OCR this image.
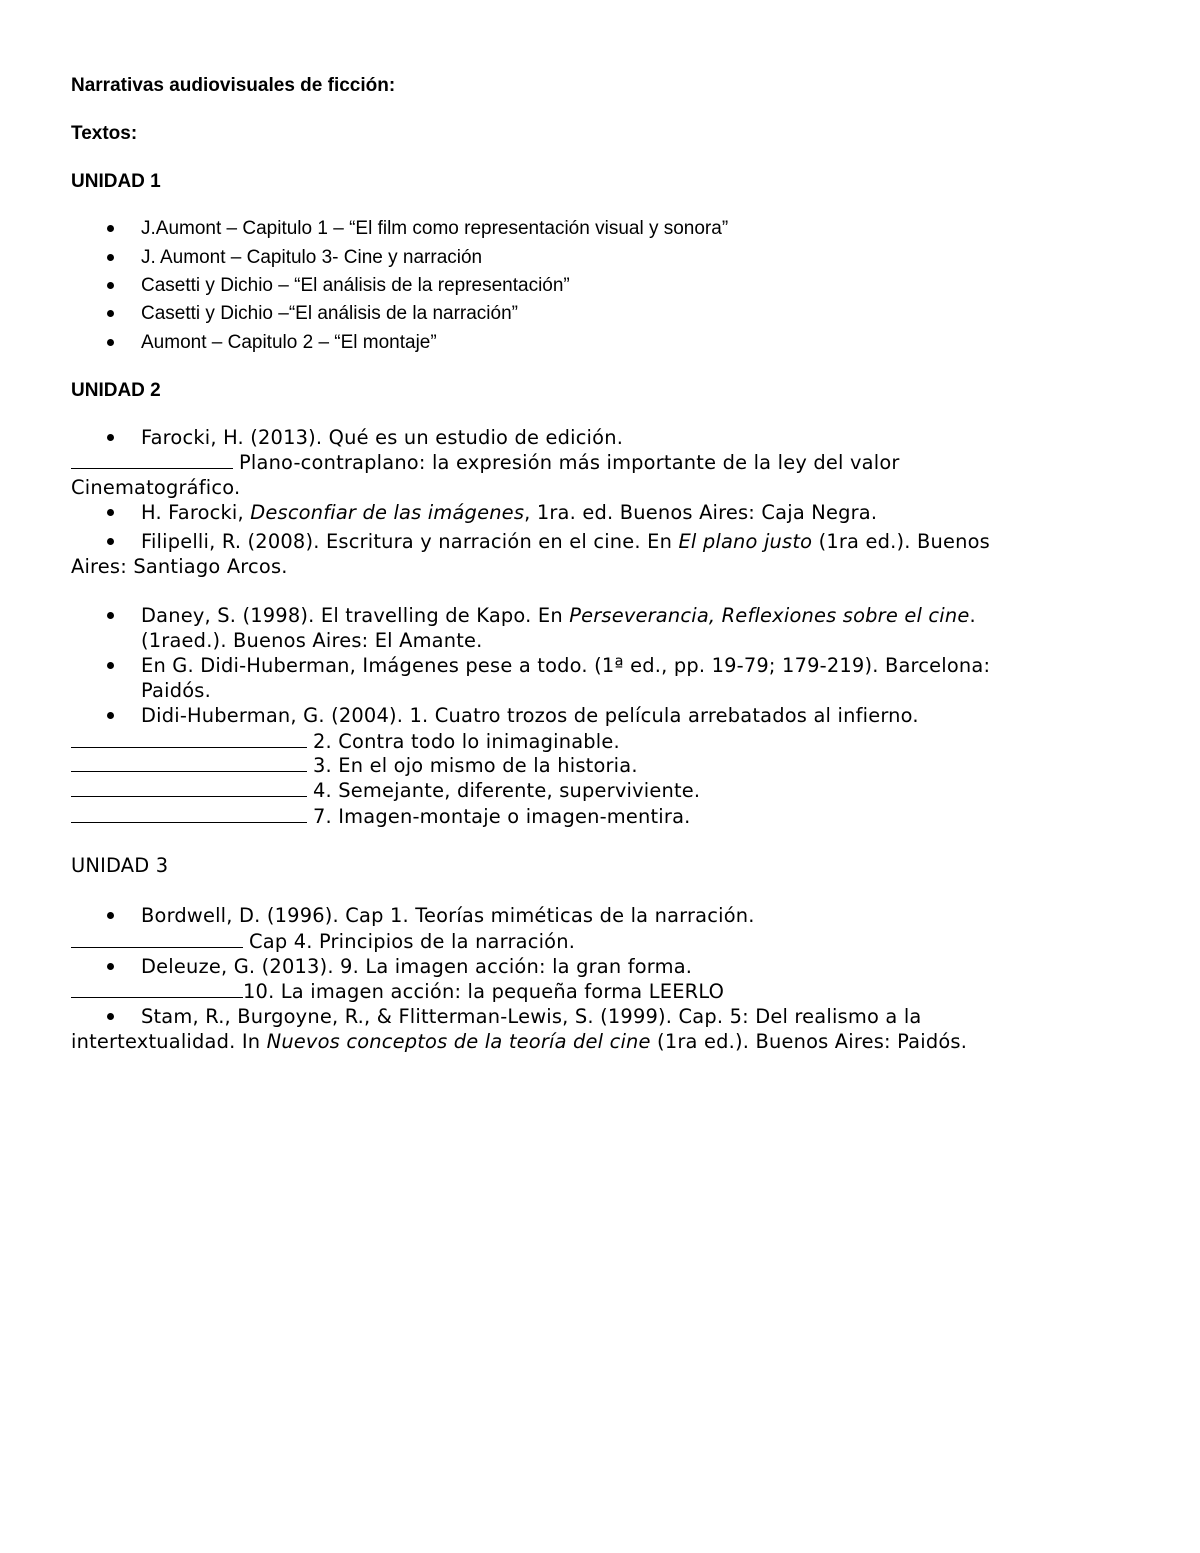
Narrativas audiovisuales de ficción:
Textos:
UNIDAD 1
J.Aumont – Capitulo 1 – “El film como representación visual y sonora”
J. Aumont – Capitulo 3- Cine y narración
Casetti y Dichio – “El análisis de la representación”
Casetti y Dichio –“El análisis de la narración”
Aumont – Capitulo 2 – “El montaje”
UNIDAD 2
Farocki, H. (2013). Qué es un estudio de edición.
Plano-contraplano: la expresión más importante de la ley del valor
Cinematográfico.
H. Farocki, Desconfiar de las imágenes, 1ra. ed. Buenos Aires: Caja Negra.
Filipelli, R. (2008). Escritura y narración en el cine. En El plano justo (1ra ed.). Buenos
Aires: Santiago Arcos.
Daney, S. (1998). El travelling de Kapo. En Perseverancia, Reflexiones sobre el cine.
(1raed.). Buenos Aires: El Amante.
En G. Didi-Huberman, Imágenes pese a todo. (1ª ed., pp. 19-79; 179-219). Barcelona:
Paidós.
Didi-Huberman, G. (2004). 1. Cuatro trozos de película arrebatados al infierno.
2. Contra todo lo inimaginable.
3. En el ojo mismo de la historia.
4. Semejante, diferente, superviviente.
7. Imagen-montaje o imagen-mentira.
UNIDAD 3
Bordwell, D. (1996). Cap 1. Teorías miméticas de la narración.
Cap 4. Principios de la narración.
Deleuze, G. (2013). 9. La imagen acción: la gran forma.
10. La imagen acción: la pequeña forma LEERLO
Stam, R., Burgoyne, R., & Flitterman-Lewis, S. (1999). Cap. 5: Del realismo a la
intertextualidad. In Nuevos conceptos de la teoría del cine (1ra ed.). Buenos Aires: Paidós.
